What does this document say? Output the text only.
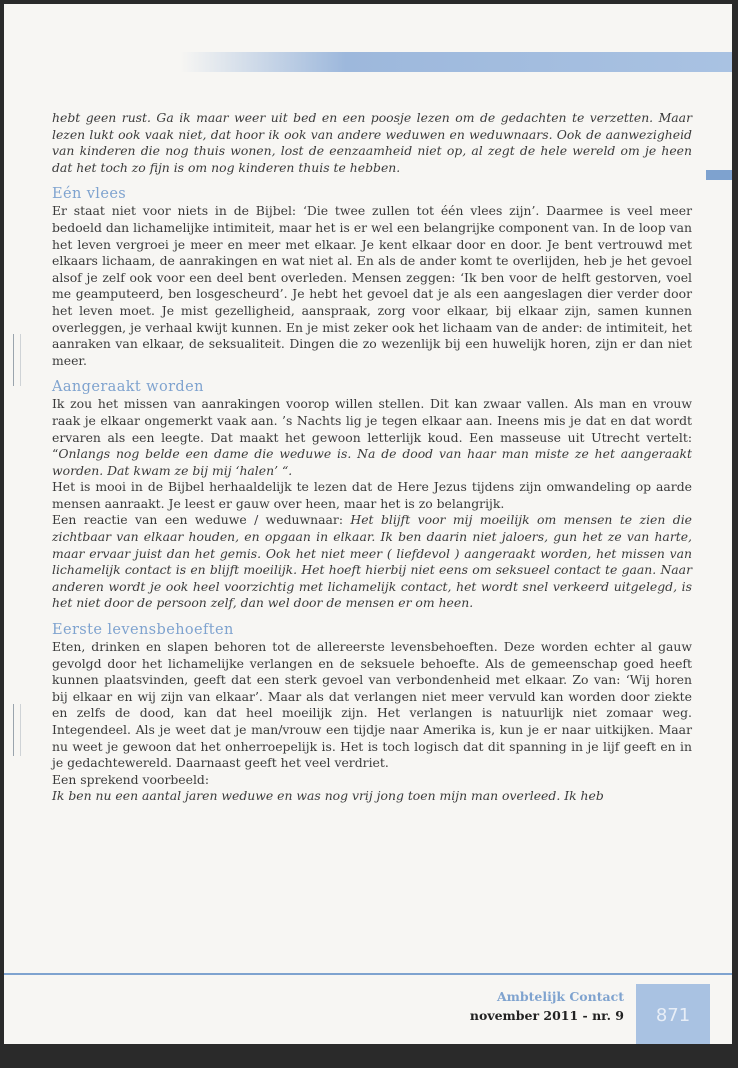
hebt geen rust. Ga ik maar weer uit bed en een poosje lezen om de gedachten te verzetten. Maar lezen lukt ook vaak niet, dat hoor ik ook van andere weduwen en weduwnaars. Ook de aanwezigheid van kinderen die nog thuis wonen, lost de eenzaamheid niet op, al zegt de hele wereld om je heen dat het toch zo fijn is om nog kinderen thuis te hebben.

Eén vlees

Er staat niet voor niets in de Bijbel: ‘Die twee zullen tot één vlees zijn’. Daarmee is veel meer bedoeld dan lichamelijke intimiteit, maar het is er wel een belangrijke component van. In de loop van het leven vergroei je meer en meer met elkaar. Je kent elkaar door en door. Je bent vertrouwd met elkaars lichaam, de aanrakingen en wat niet al. En als de ander komt te overlijden, heb je het gevoel alsof je zelf ook voor een deel bent overleden. Mensen zeggen: ‘Ik ben voor de helft gestorven, voel me geamputeerd, ben losgescheurd’. Je hebt het gevoel dat je als een aangeslagen dier verder door het leven moet. Je mist gezelligheid, aanspraak, zorg voor elkaar, bij elkaar zijn, samen kunnen overleggen, je verhaal kwijt kunnen. En je mist zeker ook het lichaam van de ander: de intimiteit, het aanraken van elkaar, de seksualiteit. Dingen die zo wezenlijk bij een huwelijk horen, zijn er dan niet meer.

Aangeraakt worden

Ik zou het missen van aanrakingen voorop willen stellen. Dit kan zwaar vallen. Als man en vrouw raak je elkaar ongemerkt vaak aan. ’s Nachts lig je tegen elkaar aan. Ineens mis je dat en dat wordt ervaren als een leegte. Dat maakt het gewoon letterlijk koud. Een masseuse uit Utrecht vertelt: “Onlangs nog belde een dame die weduwe is. Na de dood van haar man miste ze het aangeraakt worden. Dat kwam ze bij mij ‘halen’ “.

Het is mooi in de Bijbel herhaaldelijk te lezen dat de Here Jezus tijdens zijn omwandeling op aarde mensen aanraakt. Je leest er gauw over heen, maar het is zo belangrijk.

Een reactie van een weduwe / weduwnaar: Het blijft voor mij moeilijk om mensen te zien die zichtbaar van elkaar houden, en opgaan in elkaar. Ik ben daarin niet jaloers, gun het ze van harte, maar ervaar juist dan het gemis. Ook het niet meer ( liefdevol ) aangeraakt worden, het missen van lichamelijk contact is en blijft moeilijk. Het hoeft hierbij niet eens om seksueel contact te gaan. Naar anderen wordt je ook heel voorzichtig met lichamelijk contact, het wordt snel verkeerd uitgelegd, is het niet door de persoon zelf, dan wel door de mensen er om heen.

Eerste levensbehoeften

Eten, drinken en slapen behoren tot de allereerste levensbehoeften. Deze worden echter al gauw gevolgd door het lichamelijke verlangen en de seksuele behoefte. Als de gemeenschap goed heeft kunnen plaatsvinden, geeft dat een sterk gevoel van verbondenheid met elkaar. Zo van: ‘Wij horen bij elkaar en wij zijn van elkaar’. Maar als dat verlangen niet meer vervuld kan worden door ziekte en zelfs de dood, kan dat heel moeilijk zijn. Het verlangen is natuurlijk niet zomaar weg. Integendeel. Als je weet dat je man/vrouw een tijdje naar Amerika is, kun je er naar uitkijken. Maar nu weet je gewoon dat het onherroepelijk is. Het is toch logisch dat dit spanning in je lijf geeft en in je gedachtewereld. Daarnaast geeft het veel verdriet.

Een sprekend voorbeeld:

Ik ben nu een aantal jaren weduwe en was nog vrij jong toen mijn man overleed. Ik heb

Ambtelijk Contact
november 2011 - nr. 9	871
